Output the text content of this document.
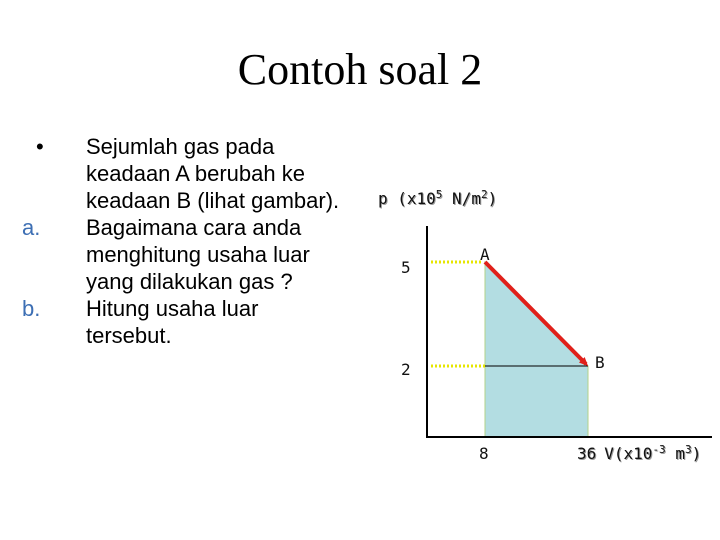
Contoh soal 2
•	Sejumlah gas pada keadaan A berubah ke keadaan B (lihat gambar).
a.	Bagaimana cara anda menghitung usaha luar yang dilakukan gas ?
b.	Hitung usaha luar tersebut.
p ($x10^5$ $N/m^2$)
36 $V(x10^{-3}$ $m^3$)
5
2
8
A
B
